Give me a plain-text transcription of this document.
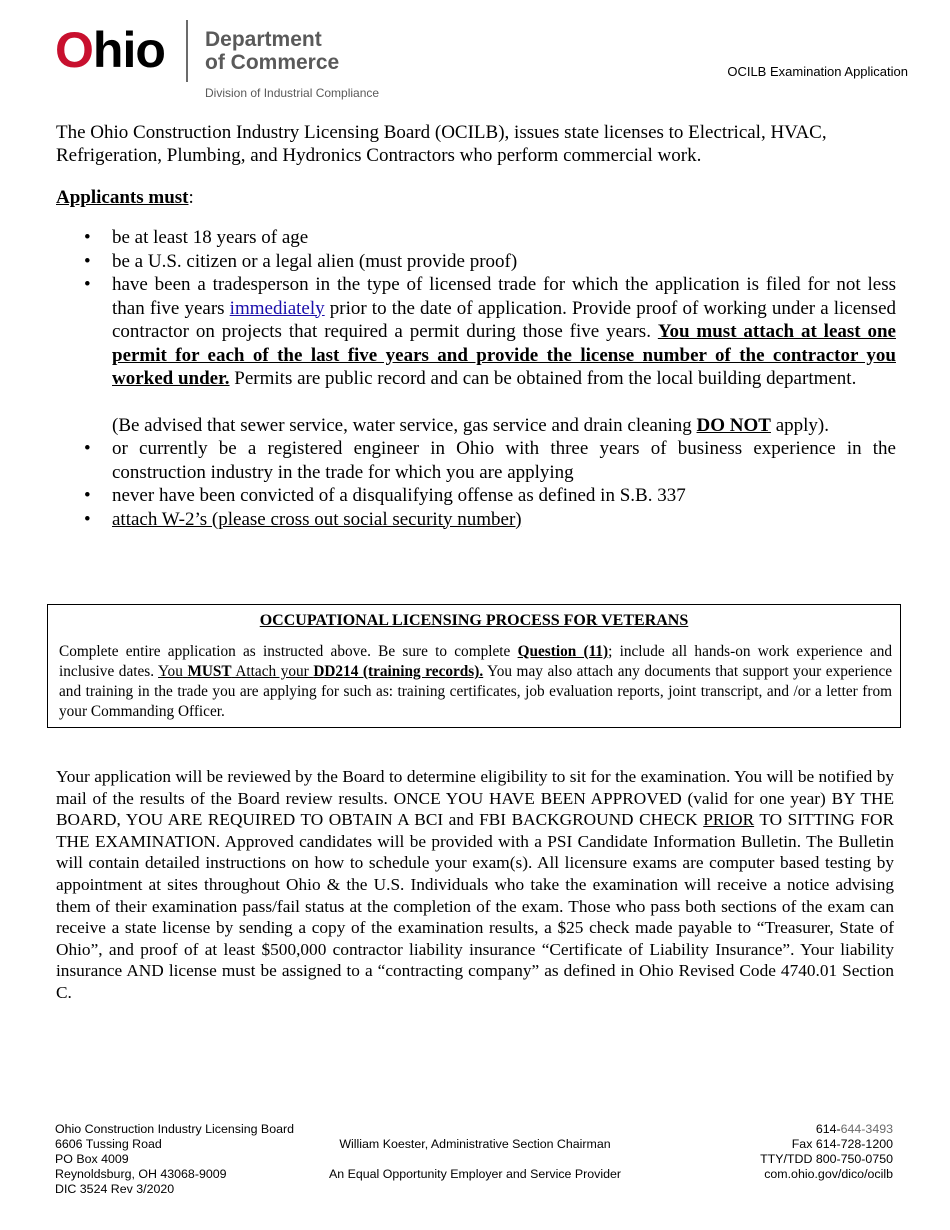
Ohio Department
of Commerce
Division of Industrial Compliance
OCILB Examination Application
The Ohio Construction Industry Licensing Board (OCILB), issues state licenses to Electrical, HVAC, Refrigeration, Plumbing, and Hydronics Contractors who perform commercial work.
Applicants must:
• be at least 18 years of age
• be a U.S. citizen or a legal alien (must provide proof)
• have been a tradesperson in the type of licensed trade for which the application is filed for not less than five years immediately prior to the date of application. Provide proof of working under a licensed contractor on projects that required a permit during those five years. You must attach at least one permit for each of the last five years and provide the license number of the contractor you worked under. Permits are public record and can be obtained from the local building department.
(Be advised that sewer service, water service, gas service and drain cleaning DO NOT apply).
• or currently be a registered engineer in Ohio with three years of business experience in the construction industry in the trade for which you are applying
• never have been convicted of a disqualifying offense as defined in S.B. 337
• attach W-2’s (please cross out social security number)
OCCUPATIONAL LICENSING PROCESS FOR VETERANS
Complete entire application as instructed above. Be sure to complete Question (11); include all hands-on work experience and inclusive dates. You MUST Attach your DD214 (training records). You may also attach any documents that support your experience and training in the trade you are applying for such as: training certificates, job evaluation reports, joint transcript, and /or a letter from your Commanding Officer.
Your application will be reviewed by the Board to determine eligibility to sit for the examination. You will be notified by mail of the results of the Board review results. ONCE YOU HAVE BEEN APPROVED (valid for one year) BY THE BOARD, YOU ARE REQUIRED TO OBTAIN A BCI and FBI BACKGROUND CHECK PRIOR TO SITTING FOR THE EXAMINATION. Approved candidates will be provided with a PSI Candidate Information Bulletin. The Bulletin will contain detailed instructions on how to schedule your exam(s). All licensure exams are computer based testing by appointment at sites throughout Ohio & the U.S. Individuals who take the examination will receive a notice advising them of their examination pass/fail status at the completion of the exam. Those who pass both sections of the exam can receive a state license by sending a copy of the examination results, a $25 check made payable to “Treasurer, State of Ohio”, and proof of at least $500,000 contractor liability insurance “Certificate of Liability Insurance”. Your liability insurance AND license must be assigned to a “contracting company” as defined in Ohio Revised Code 4740.01 Section C.
Ohio Construction Industry Licensing Board
6606 Tussing Road
PO Box 4009
Reynoldsburg, OH 43068-9009
DIC 3524 Rev 3/2020
William Koester, Administrative Section Chairman
An Equal Opportunity Employer and Service Provider
614-644-3493
Fax 614-728-1200
TTY/TDD 800-750-0750
com.ohio.gov/dico/ocilb
